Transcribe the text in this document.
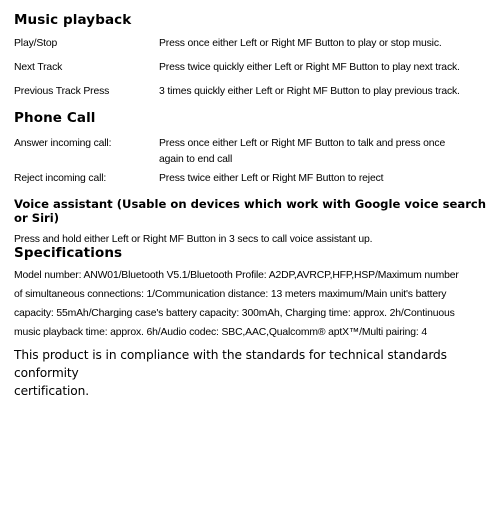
Music playback
Play/Stop	Press once either Left or Right MF Button to play or stop music.
Next Track	Press twice quickly either Left or Right MF Button to play next track.
Previous Track Press	3 times quickly either Left or Right MF Button to play previous track.
Phone Call
Answer incoming call:	Press once either Left or Right MF Button to talk and press once
again to end call
Reject incoming call:	Press twice either Left or Right MF Button to reject

Voice assistant (Usable on devices which work with Google voice search or Siri)

Press and hold either Left or Right MF Button in 3 secs to call voice assistant up.

Specifications

Model number: ANW01/Bluetooth V5.1/Bluetooth Profile: A2DP,AVRCP,HFP,HSP/Maximum number

of simultaneous connections: 1/Communication distance: 13 meters maximum/Main unit's battery

capacity: 55mAh/Charging case's battery capacity: 300mAh, Charging time: approx. 2h/Continuous

music playback time: approx. 6h/Audio codec: SBC,AAC,Qualcomm® aptX™/Multi pairing: 4

This product is in compliance with the standards for technical standards conformity

certification.
